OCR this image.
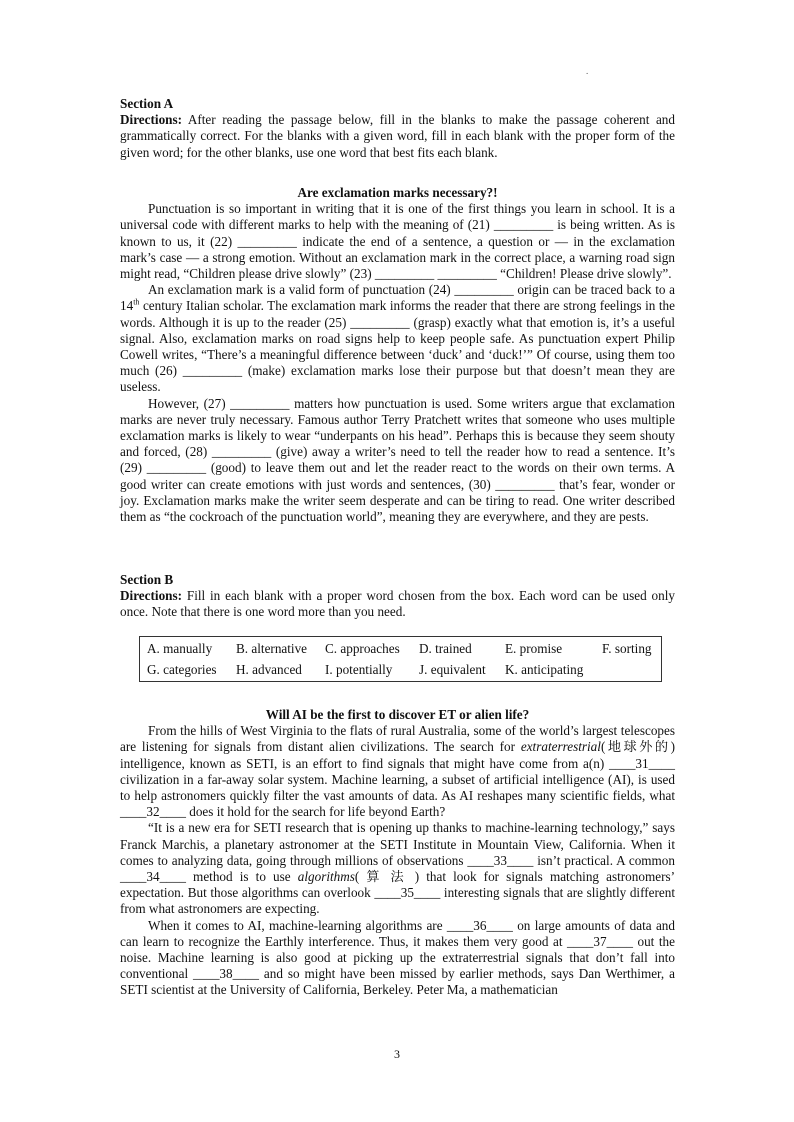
.

Section A

Directions: After reading the passage below, fill in the blanks to make the passage coherent and grammatically correct. For the blanks with a given word, fill in each blank with the proper form of the given word; for the other blanks, use one word that best fits each blank.

Are exclamation marks necessary?!

Punctuation is so important in writing that it is one of the first things you learn in school. It is a universal code with different marks to help with the meaning of (21) _________ is being written. As is known to us, it (22) _________ indicate the end of a sentence, a question or — in the exclamation mark’s case — a strong emotion. Without an exclamation mark in the correct place, a warning road sign might read, “Children please drive slowly” (23) _________ _________ “Children! Please drive slowly”.

An exclamation mark is a valid form of punctuation (24) _________ origin can be traced back to a 14th century Italian scholar. The exclamation mark informs the reader that there are strong feelings in the words. Although it is up to the reader (25) _________ (grasp) exactly what that emotion is, it’s a useful signal. Also, exclamation marks on road signs help to keep people safe. As punctuation expert Philip Cowell writes, “There’s a meaningful difference between ‘duck’ and ‘duck!’” Of course, using them too much (26) _________ (make) exclamation marks lose their purpose but that doesn’t mean they are useless.

However, (27) _________ matters how punctuation is used. Some writers argue that exclamation marks are never truly necessary. Famous author Terry Pratchett writes that someone who uses multiple exclamation marks is likely to wear “underpants on his head”. Perhaps this is because they seem shouty and forced, (28) _________ (give) away a writer’s need to tell the reader how to read a sentence. It’s (29) _________ (good) to leave them out and let the reader react to the words on their own terms. A good writer can create emotions with just words and sentences, (30) _________ that’s fear, wonder or joy. Exclamation marks make the writer seem desperate and can be tiring to read. One writer described them as “the cockroach of the punctuation world”, meaning they are everywhere, and they are pests.

Section B

Directions: Fill in each blank with a proper word chosen from the box. Each word can be used only once. Note that there is one word more than you need.

A. manually B. alternative C. approaches D. trained	E. promise	F. sorting
G. categories H. advanced I. potentially J. equivalent K. anticipating

Will AI be the first to discover ET or alien life?

From the hills of West Virginia to the flats of rural Australia, some of the world’s largest telescopes are listening for signals from distant alien civilizations. The search for extraterrestrial(地球外的) intelligence, known as SETI, is an effort to find signals that might have come from a(n) ____31____ civilization in a far-away solar system. Machine learning, a subset of artificial intelligence (AI), is used to help astronomers quickly filter the vast amounts of data. As AI reshapes many scientific fields, what ____32____ does it hold for the search for life beyond Earth?

“It is a new era for SETI research that is opening up thanks to machine-learning technology,” says Franck Marchis, a planetary astronomer at the SETI Institute in Mountain View, California. When it comes to analyzing data, going through millions of observations ____33____ isn’t practical. A common ____34____ method is to use algorithms( 算 法 ) that look for signals matching astronomers’ expectation. But those algorithms can overlook ____35____ interesting signals that are slightly different from what astronomers are expecting.

When it comes to AI, machine-learning algorithms are ____36____ on large amounts of data and can learn to recognize the Earthly interference. Thus, it makes them very good at ____37____ out the noise. Machine learning is also good at picking up the extraterrestrial signals that don’t fall into conventional ____38____ and so might have been missed by earlier methods, says Dan Werthimer, a SETI scientist at the University of California, Berkeley. Peter Ma, a mathematician

3
